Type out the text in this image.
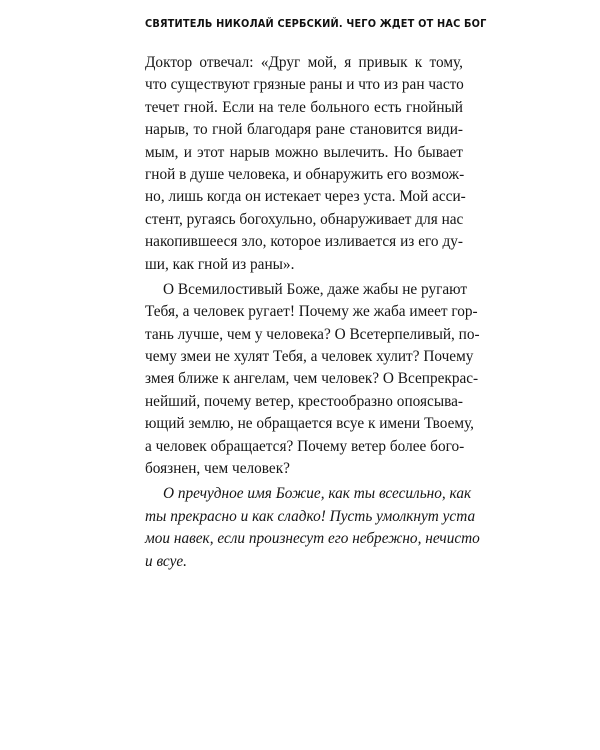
СВЯТИТЕЛЬ НИКОЛАЙ СЕРБСКИЙ. ЧЕГО ЖДЕТ ОТ НАС БОГ
Доктор отвечал: «Друг мой, я привык к тому,
что существуют грязные раны и что из ран часто
течет гной. Если на теле больного есть гнойный
нарыв, то гной благодаря ране становится види-
мым, и этот нарыв можно вылечить. Но бывает
гной в душе человека, и обнаружить его возмож-
но, лишь когда он истекает через уста. Мой асси-
стент, ругаясь богохульно, обнаруживает для нас
накопившееся зло, которое изливается из его ду-
ши, как гной из раны».
О Всемилостивый Боже, даже жабы не ругают
Тебя, а человек ругает! Почему же жаба имеет гор-
тань лучше, чем у человека? О Всетерпеливый, по-
чему змеи не хулят Тебя, а человек хулит? Почему
змея ближе к ангелам, чем человек? О Всепрекрас-
нейший, почему ветер, крестообразно опоясыва-
ющий землю, не обращается всуе к имени Твоему,
а человек обращается? Почему ветер более бого-
боязнен, чем человек?
О пречудное имя Божие, как ты всесильно, как
ты прекрасно и как сладко! Пусть умолкнут уста
мои навек, если произнесут его небрежно, нечисто
и всуе.
